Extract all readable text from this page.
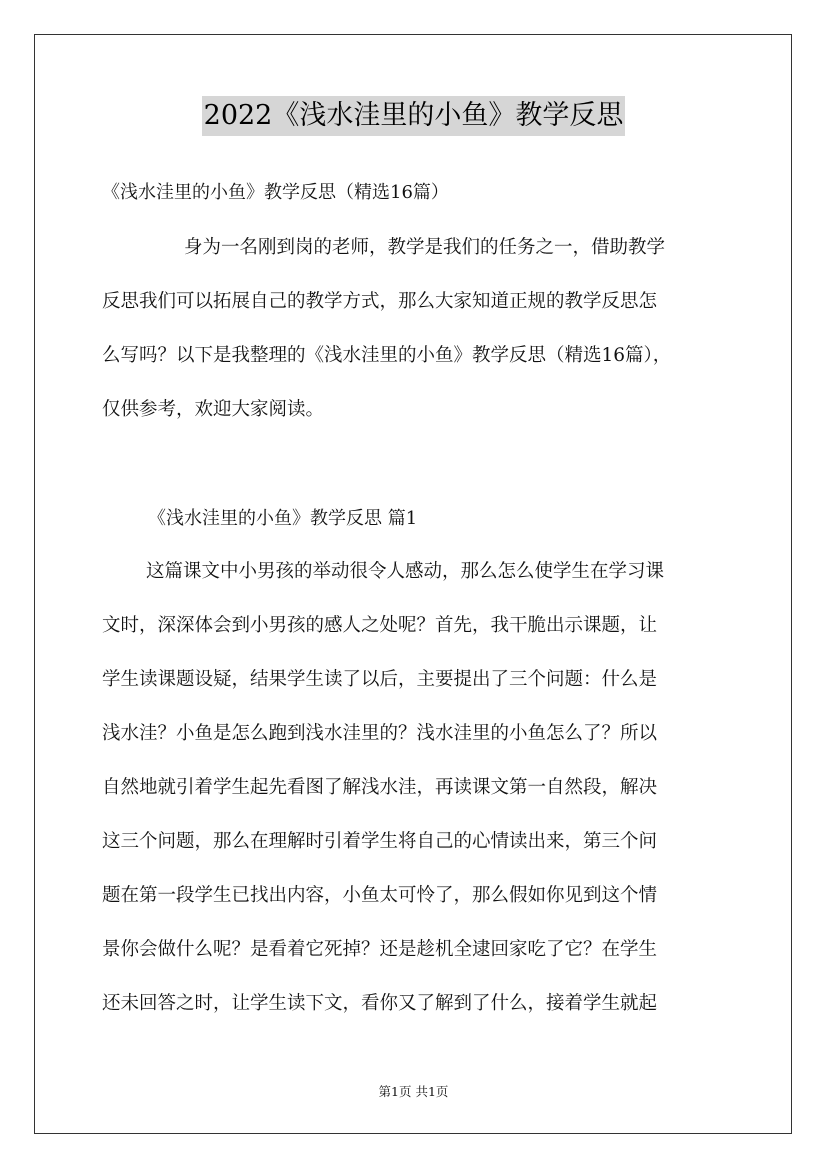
2022《浅水洼里的小鱼》教学反思
《浅水洼里的小鱼》教学反思（精选16篇）
身为一名刚到岗的老师，教学是我们的任务之一，借助教学
反思我们可以拓展自己的教学方式，那么大家知道正规的教学反思怎
么写吗？以下是我整理的《浅水洼里的小鱼》教学反思（精选16篇），
仅供参考，欢迎大家阅读。
《浅水洼里的小鱼》教学反思 篇1
这篇课文中小男孩的举动很令人感动，那么怎么使学生在学习课
文时，深深体会到小男孩的感人之处呢？首先，我干脆出示课题，让
学生读课题设疑，结果学生读了以后，主要提出了三个问题：什么是
浅水洼？小鱼是怎么跑到浅水洼里的？浅水洼里的小鱼怎么了？所以
自然地就引着学生起先看图了解浅水洼，再读课文第一自然段，解决
这三个问题，那么在理解时引着学生将自己的心情读出来，第三个问
题在第一段学生已找出内容，小鱼太可怜了，那么假如你见到这个情
景你会做什么呢？是看着它死掉？还是趁机全逮回家吃了它？在学生
还未回答之时，让学生读下文，看你又了解到了什么，接着学生就起
第1页 共1页
